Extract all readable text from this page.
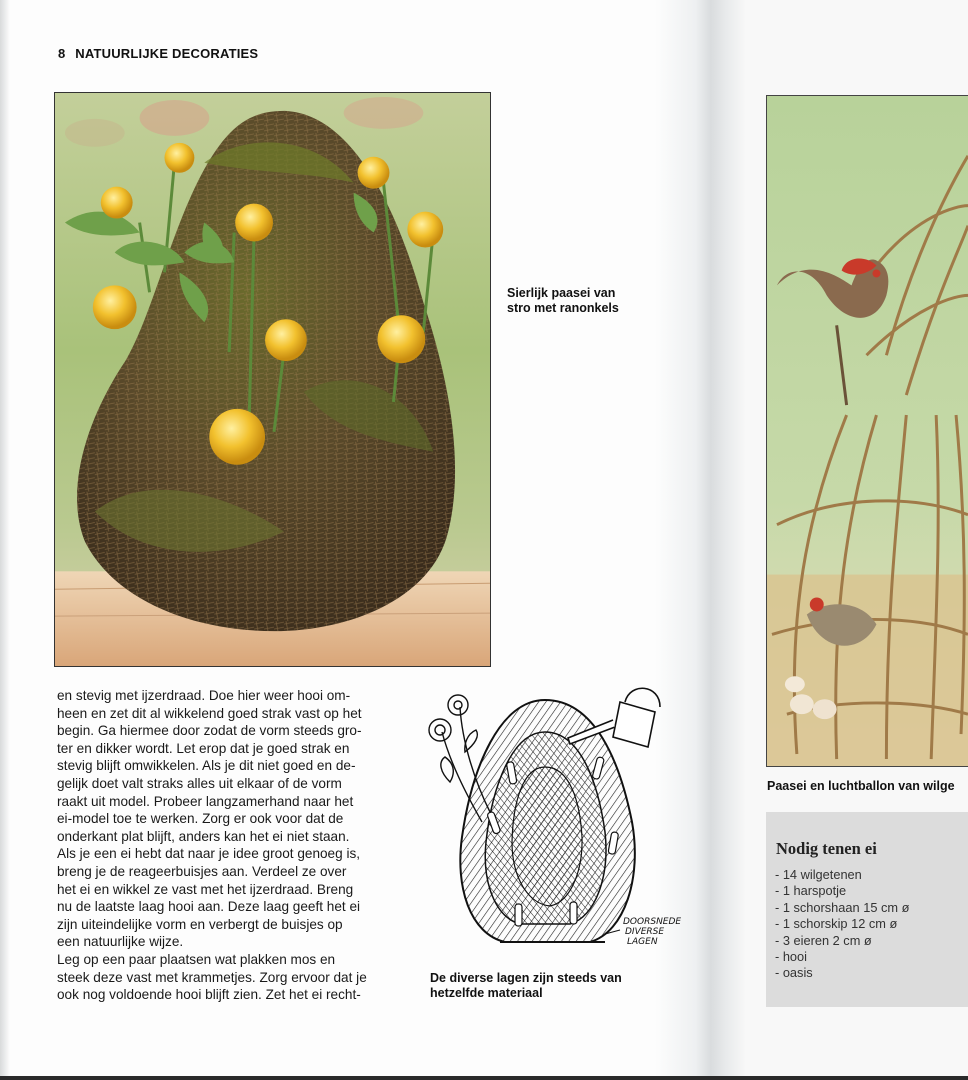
8 NATUURLIJKE DECORATIES
Sierlijk paasei van stro met ranonkels
en stevig met ijzerdraad. Doe hier weer hooi om-
heen en zet dit al wikkelend goed strak vast op het
begin. Ga hiermee door zodat de vorm steeds gro-
ter en dikker wordt. Let erop dat je goed strak en
stevig blijft omwikkelen. Als je dit niet goed en de-
gelijk doet valt straks alles uit elkaar of de vorm
raakt uit model. Probeer langzamerhand naar het
ei-model toe te werken. Zorg er ook voor dat de
onderkant plat blijft, anders kan het ei niet staan.
Als je een ei hebt dat naar je idee groot genoeg is,
breng je de reageerbuisjes aan. Verdeel ze over
het ei en wikkel ze vast met het ijzerdraad. Breng
nu de laatste laag hooi aan. Deze laag geeft het ei
zijn uiteindelijke vorm en verbergt de buisjes op
een natuurlijke wijze.
Leg op een paar plaatsen wat plakken mos en
steek deze vast met krammetjes. Zorg ervoor dat je
ook nog voldoende hooi blijft zien. Zet het ei recht-
DOORSNEDE
DIVERSE
LAGEN
De diverse lagen zijn steeds van hetzelfde materiaal
Paasei en luchtballon van wilge
Nodig tenen ei
- 14 wilgetenen
- 1 harspotje
- 1 schorshaan 15 cm ø
- 1 schorskip 12 cm ø
- 3 eieren 2 cm ø
- hooi
- oasis
